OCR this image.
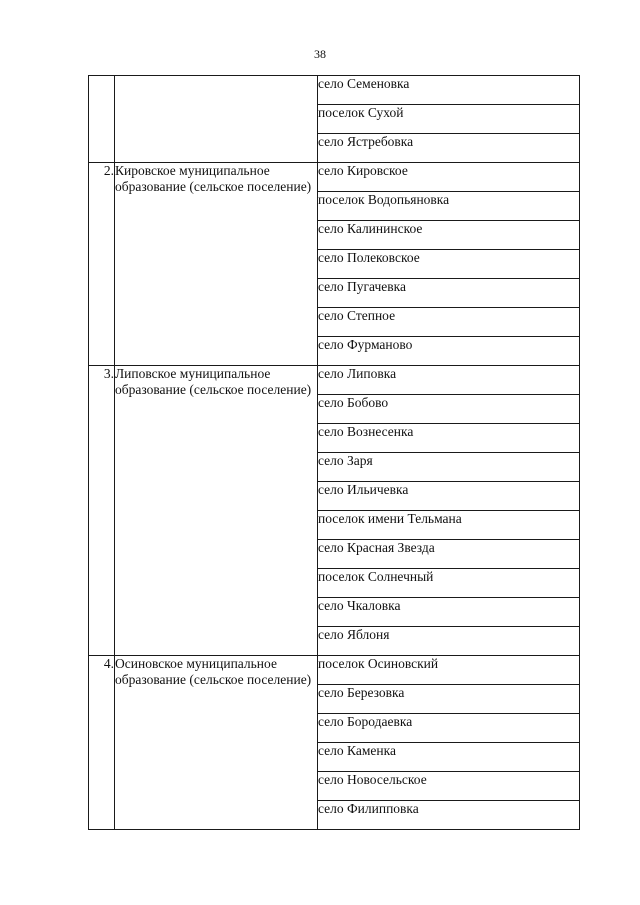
38
		село Семеновка
		поселок Сухой
		село Ястребовка
2.	Кировское муниципальное образование (сельское поселение)	село Кировское
		поселок Водопьяновка
		село Калининское
		село Полековское
		село Пугачевка
		село Степное
		село Фурманово
3.	Липовское муниципальное образование (сельское поселение)	село Липовка
		село Бобово
		село Вознесенка
		село Заря
		село Ильичевка
		поселок имени Тельмана
		село Красная Звезда
		поселок Солнечный
		село Чкаловка
		село Яблоня
4.	Осиновское муниципальное образование (сельское поселение)	поселок Осиновский
		село Березовка
		село Бородаевка
		село Каменка
		село Новосельское
		село Филипповка
